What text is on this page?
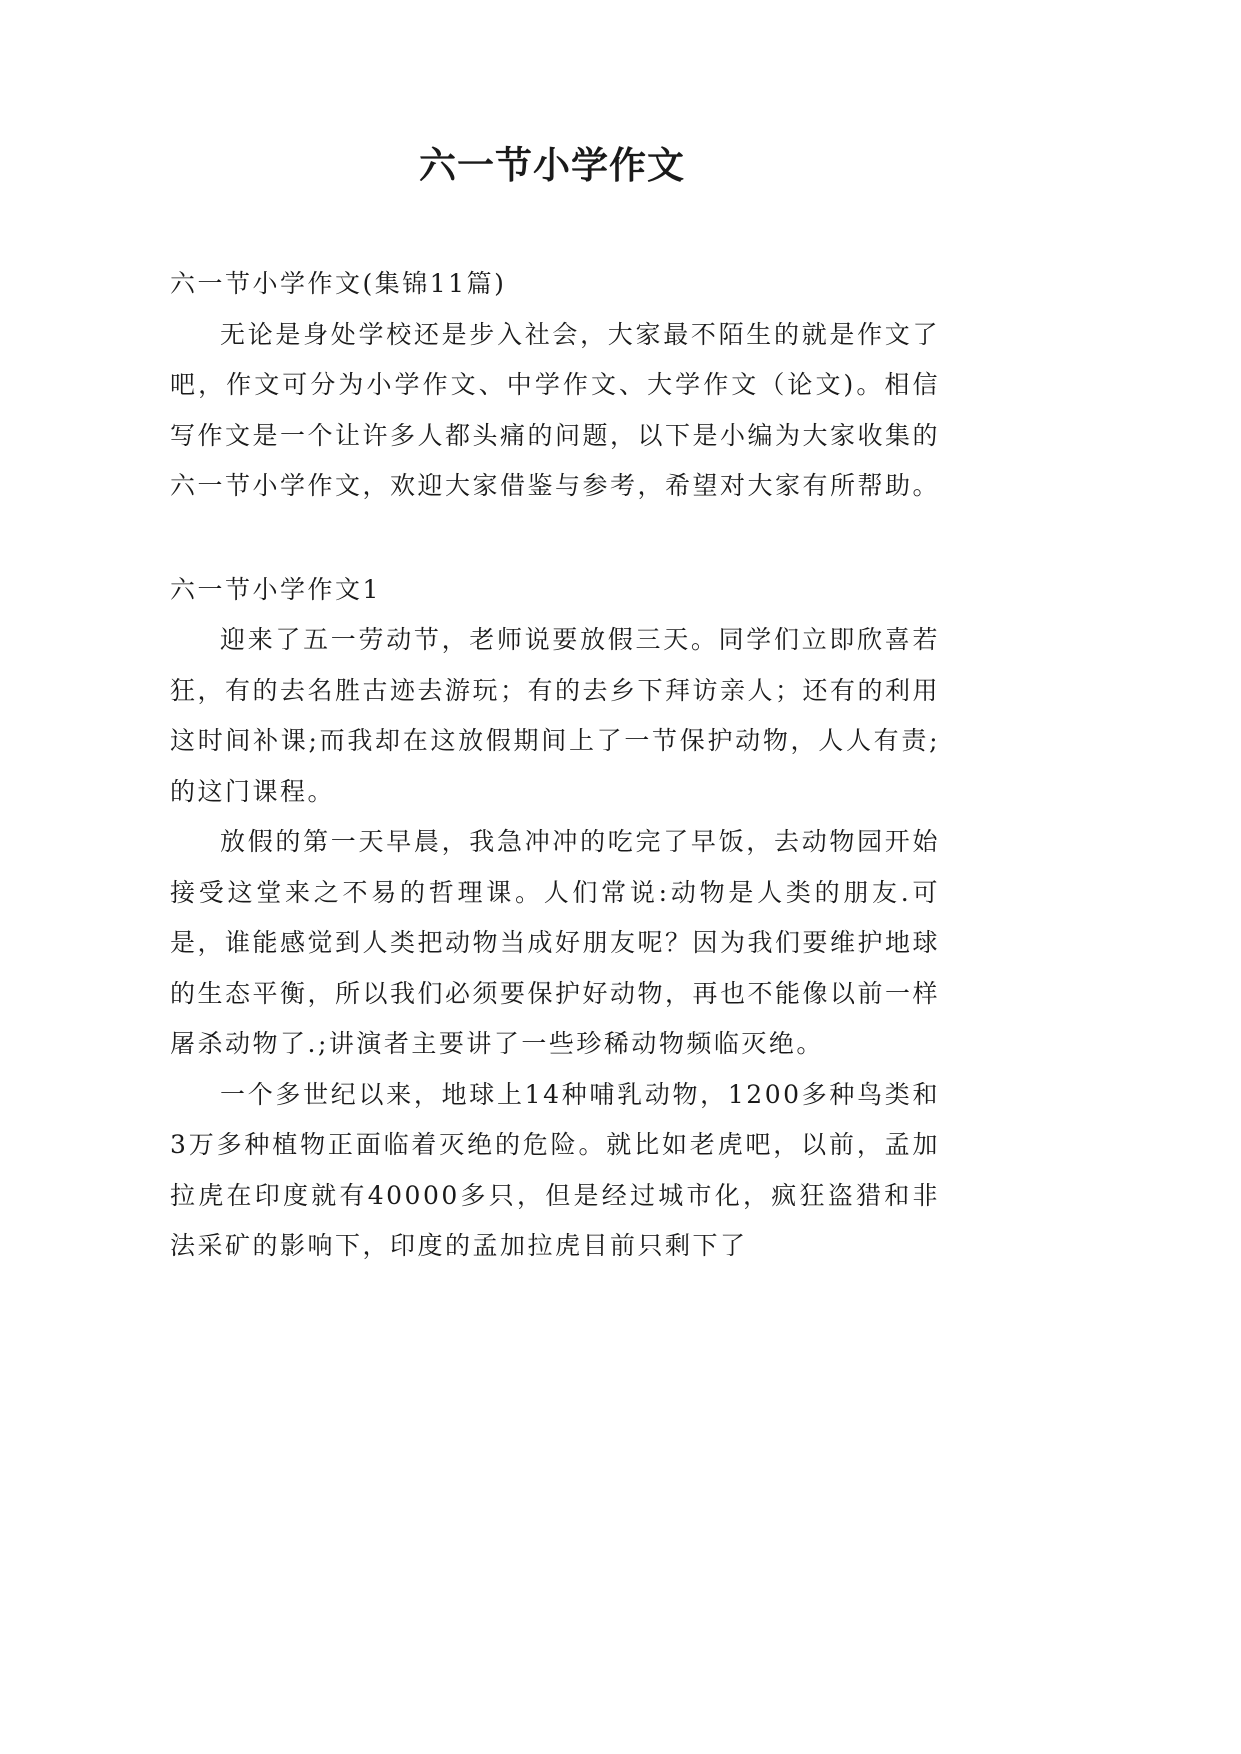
六一节小学作文

六一节小学作文(集锦11篇)

无论是身处学校还是步入社会，大家最不陌生的就是作文了吧，作文可分为小学作文、中学作文、大学作文（论文)。相信写作文是一个让许多人都头痛的问题，以下是小编为大家收集的六一节小学作文，欢迎大家借鉴与参考，希望对大家有所帮助。

六一节小学作文1

迎来了五一劳动节，老师说要放假三天。同学们立即欣喜若狂，有的去名胜古迹去游玩；有的去乡下拜访亲人；还有的利用这时间补课;而我却在这放假期间上了一节保护动物，人人有责;的这门课程。

放假的第一天早晨，我急冲冲的吃完了早饭，去动物园开始接受这堂来之不易的哲理课。人们常说:动物是人类的朋友.可是，谁能感觉到人类把动物当成好朋友呢？因为我们要维护地球的生态平衡，所以我们必须要保护好动物，再也不能像以前一样屠杀动物了.;讲演者主要讲了一些珍稀动物频临灭绝。

一个多世纪以来，地球上14种哺乳动物，1200多种鸟类和3万多种植物正面临着灭绝的危险。就比如老虎吧，以前，孟加拉虎在印度就有40000多只，但是经过城市化，疯狂盗猎和非法采矿的影响下，印度的孟加拉虎目前只剩下了
